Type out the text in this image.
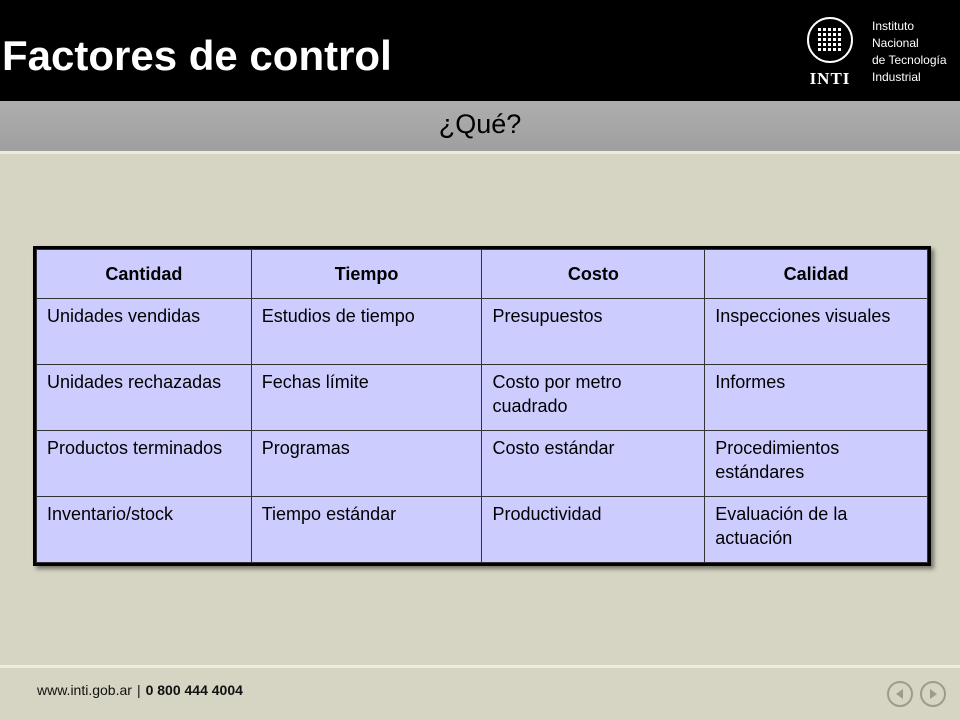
Factores de control	INTI
Instituto
Nacional
de Tecnología
Industrial
¿Qué?
Cantidad	Tiempo	Costo	Calidad
Unidades vendidas	Estudios de tiempo	Presupuestos	Inspecciones visuales
Unidades rechazadas	Fechas límite	Costo por metro cuadrado	Informes
Productos terminados	Programas	Costo estándar	Procedimientos estándares
Inventario/stock	Tiempo estándar	Productividad	Evaluación de la actuación
www.inti.gob.ar | 0 800 444 4004
